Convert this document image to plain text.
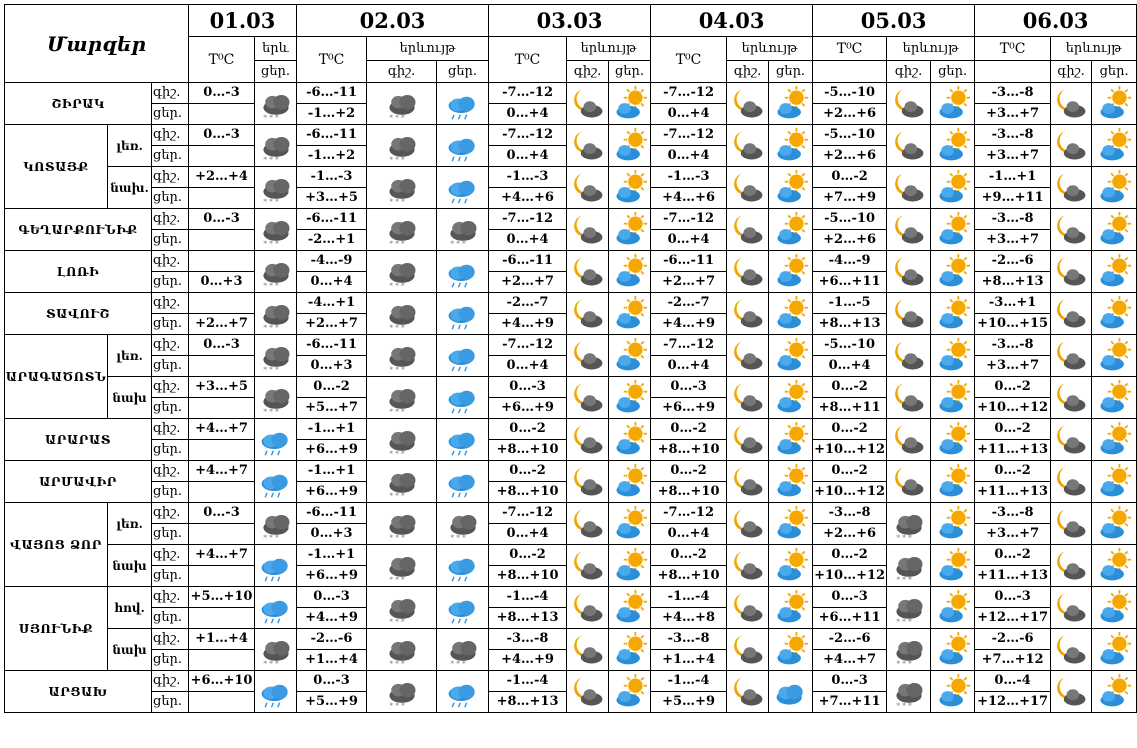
Մարզեր			01.03		02.03			03.03			04.03			05.03			06.03		
			T⁰C	երև	T⁰C	երևույթ		T⁰C	երևույթ		T⁰C	երևույթ		T⁰C	երևույթ		T⁰C	երևույթ	
				ցեր.		գիշ.	ցեր.		գիշ.	ցեր.		գիշ.	ցեր.		գիշ.	ցեր.		գիշ.	ցեր.
ՇԻՐԱԿ		գիշ.	0…-3	* * *	-6…-11	* * *		-7…-12			-7…-12			-5…-10			-3…-8	

		ցեր.			-1…+2			0…+4			0…+4			+2…+6			+3…+7		
ԿՈՏԱՅՔ	լեռ.	գիշ.	0…-3	* * *	-6…-11	* * *		-7…-12			-7…-12			-5…-10			-3…-8	

		ցեր.			-1…+2			0…+4			0…+4			+2…+6			+3…+7		
	նախ.	գիշ.	+2…+4	* * *	-1…-3	* * *		-1…-3			-1…-3			0…-2			-1…+1	

		ցեր.			+3…+5			+4…+6			+4…+6			+7…+9			+9…+11		
ԳԵՂԱՐՔՈՒՆԻՔ		գիշ.	0…-3	* * *	-6…-11	* * *	* * *	-7…-12			-7…-12			-5…-10			-3…-8	

		ցեր.			-2…+1			0…+4			0…+4			+2…+6			+3…+7		
ԼՈՌԻ		գիշ.		* * *	-4…-9	* * *		-6…-11			-6…-11			-4…-9			-2…-6	

		ցեր.	0…+3		0…+4			+2…+7			+2…+7			+6…+11			+8…+13		
ՏԱՎՈՒՇ		գիշ.		* * *	-4…+1	* * *		-2…-7			-2…-7			-1…-5			-3…+1	

		ցեր.	+2…+7		+2…+7			+4…+9			+4…+9			+8…+13			+10…+15		
ԱՐԱԳԱԾՈՏՆ	լեռ.	գիշ.	0…-3	* * *	-6…-11	* * *		-7…-12			-7…-12			-5…-10			-3…-8	

		ցեր.			0…+3			0…+4			0…+4			0…+4			+3…+7		
	նախ	գիշ.	+3…+5	* * *	0…-2	* * *		0…-3			0…-3			0…-2			0…-2	

		ցեր.			+5…+7			+6…+9			+6…+9			+8…+11			+10…+12		
ԱՐԱՐԱՏ		գիշ.	+4…+7		-1…+1	* * *		0…-2			0…-2			0…-2			0…-2	

		ցեր.			+6…+9			+8…+10			+8…+10			+10…+12			+11…+13		
ԱՐՄԱՎԻՐ		գիշ.	+4…+7		-1…+1	* * *		0…-2			0…-2			0…-2			0…-2	

		ցեր.			+6…+9			+8…+10			+8…+10			+10…+12			+11…+13		
ՎԱՅՈՑ ՁՈՐ	լեռ.	գիշ.	0…-3	* * *	-6…-11	* * *	* * *	-7…-12			-7…-12			-3…-8	* * *		-3…-8	

		ցեր.			0…+3			0…+4			0…+4			+2…+6			+3…+7		
	նախ	գիշ.	+4…+7		-1…+1	* * *		0…-2			0…-2			0…-2	* * *		0…-2	

		ցեր.			+6…+9			+8…+10			+8…+10			+10…+12			+11…+13		
ՍՅՈՒՆԻՔ	հով.	գիշ.	+5…+10		0…-3	* * *		-1…-4			-1…-4			0…-3	* * *		0…-3	

		ցեր.			+4…+9			+8…+13			+4…+8			+6…+11			+12…+17		
	նախ	գիշ.	+1…+4	* * *	-2…-6	* * *	* * *	-3…-8			-3…-8			-2…-6	* * *		-2…-6	

		ցեր.			+1…+4			+4…+9			+1…+4			+4…+7			+7…+12		
ԱՐՑԱԽ		գիշ.	+6…+10		0…-3	* * *		-1…-4			-1…-4			0…-3	* * *		0…-4	

		ցեր.			+5…+9			+8…+13			+5…+9			+7…+11			+12…+17		
